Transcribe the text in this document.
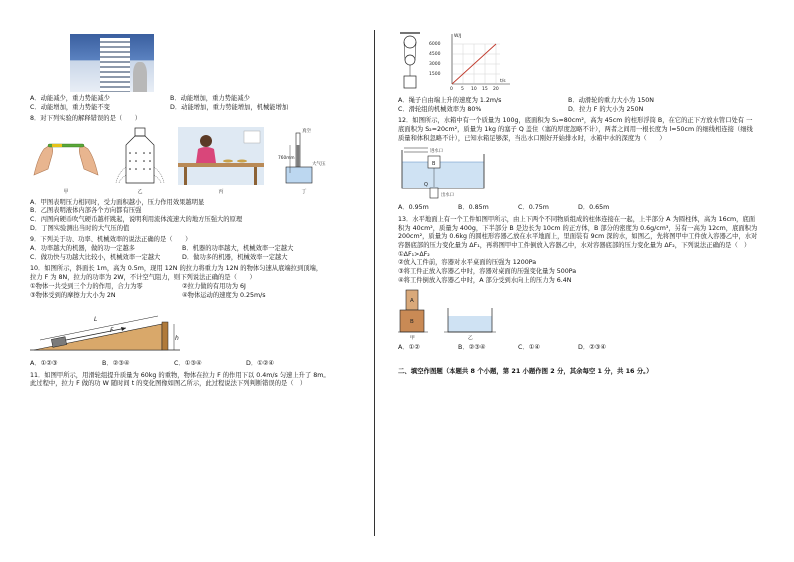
A．动能减少，重力势能减少	B．动能增加，重力势能减少
C．动能增加，重力势能不变	D．动能增加，重力势能增加，机械能增加
8．对下列实验的解释错误的是（　　）
甲	乙	丙
真空
760mm
大气压
丁
A．甲图表明压力相同时，受力面积越小，压力作用效果越明显
B．乙图表明液体内部各个方向都有压强
C．丙图向硬币吹气硬币越杆跳起，说明利用流体流速大的地方压强大的原理
D．丁图实验测出当时的大气压的值
9．下列关于功、功率、机械效率的说法正确的是（　　）
A．功率越大的机器，做的功一定越多	B．机器的功率越大，机械效率一定越大
C．做功快与功越大比较小，机械效率一定越大	D．做功多的机器，机械效率一定越大
10．如图所示，斜面长 1m，高为 0.5m，现用 12N 的拉力将重力为 12N 的物体匀速从底端拉到顶端，
拉力 F 为 8N，拉力的功率为 2W，不计空气阻力，则下列说法正确的是（　　）
①物体一共受到三个力的作用，合力为零	②拉力做的有用功为 6J
③物体受到的摩擦力大小为 2N	④物体运动的速度为 0.25m/s
L
F
h
A．①②③	B．②③④	C．①③④	D．①②④
11．如图甲所示，用滑轮组提升质量为 60kg 的重物，物体在拉力 F 的作用下以 0.4m/s 匀速上升了 8m。
此过程中，拉力 F 做的功 W 随时间 t 的变化图像如图乙所示，此过程说法下列判断错误的是（　）
W/J
6000
4500
3000
1500
0 5 10 15 20
t/s
A．绳子自由端上升的速度为 1.2m/s	B．动滑轮的重力大小为 150N
C．滑轮组的机械效率为 80%	D．拉力 F 的大小为 250N
12．如图所示，水箱中有一个质量为 100g，底面积为 S₁=80cm²，高为 45cm 的柱形浮筒 B，在它的正下方放水管口处有 一底面积为 S₂=20cm²，质量为 1kg 的塞子 Q 盖住（塞的厚度忽略不计），两者之间用一根长度为 l=50cm 的细线相连接（细线质量和体积忽略不计），已知水箱足够深，当出水口刚好开始排水时，水箱中水的深度为（　　）
进水口
B
Q
出水口
A．0.95m	B．0.85m	C．0.75m	D．0.65m
13．水平地面上有一个工件如图甲所示，由上下两个不同物质组成的柱体连接在一起，上半部分 A 为圆柱体，高为 16cm，底面积为 40cm²，质量为 400g，下半部分 B 是边长为 10cm 的正方体，B 部分的密度为 0.6g/cm³，另有一高为 12cm，底面积为 200cm²，质量为 0.6kg 的圆柱形容器乙放在水平地面上，里面装有 9cm 深的水，如图乙，先将图甲中工件放入容器乙中，水对容器底部的压力变化量为 ΔF₁，再将图甲中工件倒放入容器乙中，水对容器底部的压力变化量为 ΔF₂，下列说法正确的是（　）
①ΔF₁>ΔF₂
②放入工件前，容器对水平桌面的压强为 1200Pa
③将工件正放入容器乙中时，容器对桌面的压强变化量为 500Pa
④将工件倒放入容器乙中时，A 部分受到水向上的压力为 6.4N
A
B
甲	乙
A．①②	B．②③④	C．①④	D．②③④
二、填空作图题（本题共 8 个小题，第 21 小题作图 2 分，其余每空 1 分，共 16 分。）
